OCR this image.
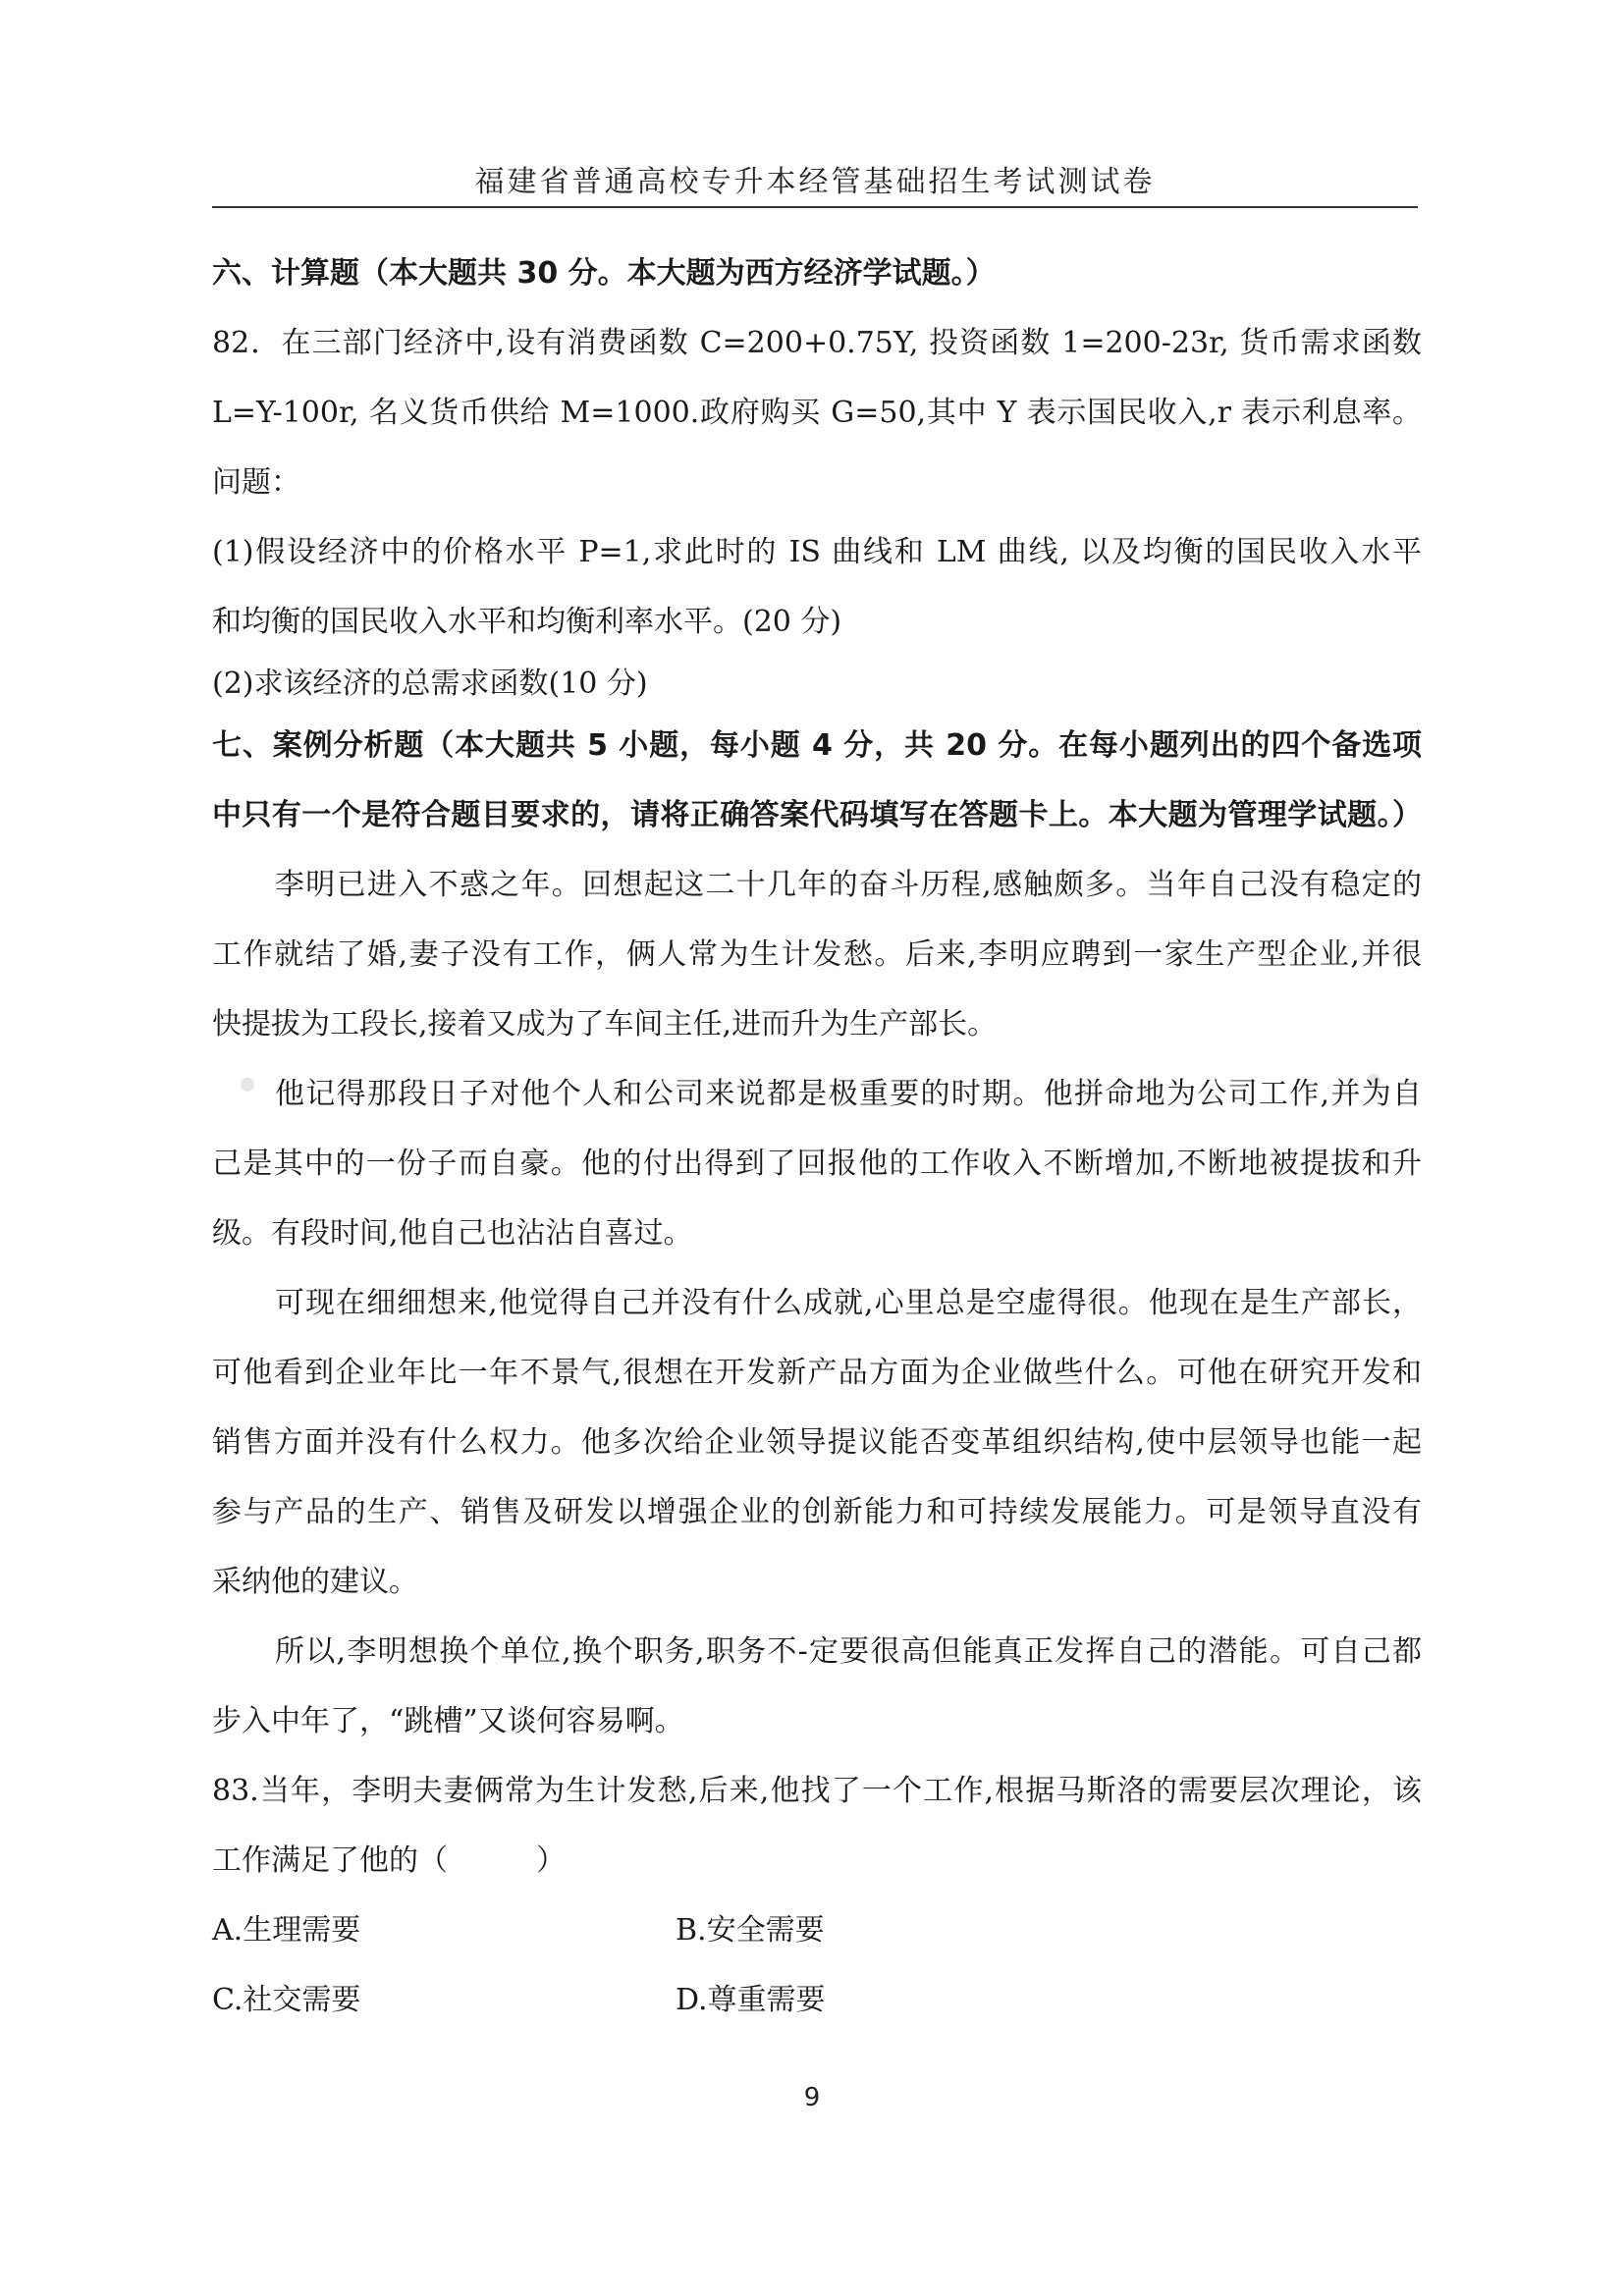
福建省普通高校专升本经管基础招生考试测试卷
六、计算题（本大题共 30 分。本大题为西方经济学试题。）
82．在三部门经济中,设有消费函数 C=200+0.75Y, 投资函数 1=200-23r, 货币需求函数
L=Y-100r, 名义货币供给 M=1000.政府购买 G=50,其中 Y 表示国民收入,r 表示利息率。
问题：
(1)假设经济中的价格水平 P=1,求此时的 IS 曲线和 LM 曲线, 以及均衡的国民收入水平
和均衡的国民收入水平和均衡利率水平。(20 分)
(2)求该经济的总需求函数(10 分)
七、案例分析题（本大题共 5 小题，每小题 4 分，共 20 分。在每小题列出的四个备选项
中只有一个是符合题目要求的，请将正确答案代码填写在答题卡上。本大题为管理学试题。）
李明已进入不惑之年。回想起这二十几年的奋斗历程,感触颇多。当年自己没有稳定的
工作就结了婚,妻子没有工作，俩人常为生计发愁。后来,李明应聘到一家生产型企业,并很
快提拔为工段长,接着又成为了车间主任,进而升为生产部长。
他记得那段日子对他个人和公司来说都是极重要的时期。他拼命地为公司工作,并为自
己是其中的一份子而自豪。他的付出得到了回报他的工作收入不断增加,不断地被提拔和升
级。有段时间,他自己也沾沾自喜过。
可现在细细想来,他觉得自己并没有什么成就,心里总是空虚得很。他现在是生产部长，
可他看到企业年比一年不景气,很想在开发新产品方面为企业做些什么。可他在研究开发和
销售方面并没有什么权力。他多次给企业领导提议能否变革组织结构,使中层领导也能一起
参与产品的生产、销售及研发以增强企业的创新能力和可持续发展能力。可是领导直没有
采纳他的建议。
所以,李明想换个单位,换个职务,职务不-定要很高但能真正发挥自己的潜能。可自己都
步入中年了，“跳槽”又谈何容易啊。
83.当年，李明夫妻俩常为生计发愁,后来,他找了一个工作,根据马斯洛的需要层次理论，该
工作满足了他的（　　　）
A.生理需要	B.安全需要
C.社交需要	D.尊重需要
9
